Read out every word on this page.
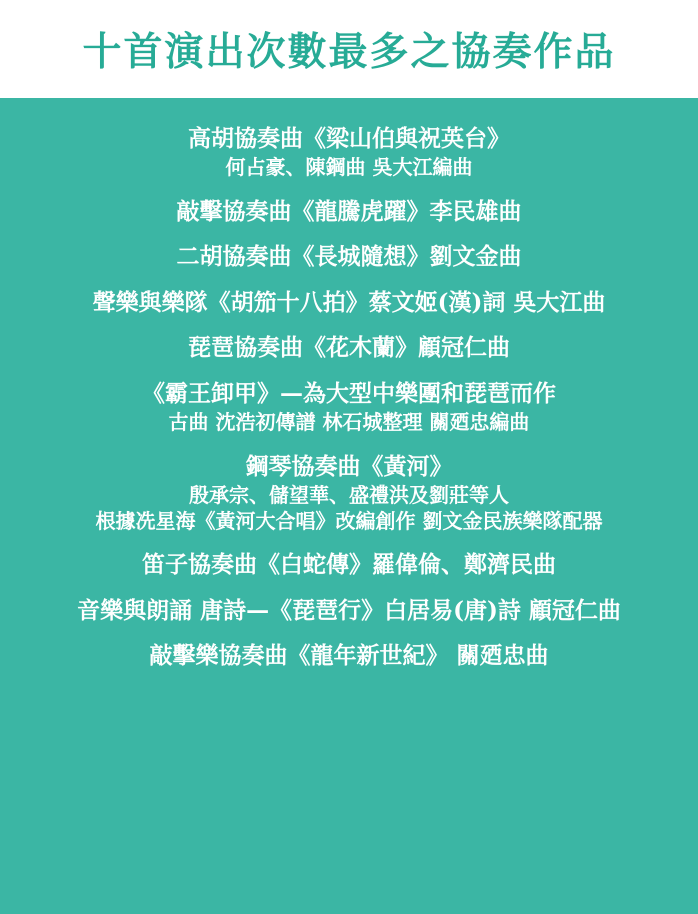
十首演出次數最多之協奏作品
高胡協奏曲《梁山伯與祝英台》
何占豪、陳鋼曲 吳大江編曲
敲擊協奏曲《龍騰虎躍》李民雄曲
二胡協奏曲《長城隨想》劉文金曲
聲樂與樂隊《胡笳十八拍》蔡文姬(漢)詞 吳大江曲
琵琶協奏曲《花木蘭》顧冠仁曲
《霸王卸甲》—為大型中樂團和琵琶而作
古曲 沈浩初傳譜 林石城整理 關廼忠編曲
鋼琴協奏曲《黃河》
殷承宗、儲望華、盛禮洪及劉莊等人
根據冼星海《黃河大合唱》改編創作 劉文金民族樂隊配器
笛子協奏曲《白蛇傳》羅偉倫、鄭濟民曲
音樂與朗誦 唐詩—《琵琶行》白居易(唐)詩 顧冠仁曲
敲擊樂協奏曲《龍年新世紀》 關廼忠曲
